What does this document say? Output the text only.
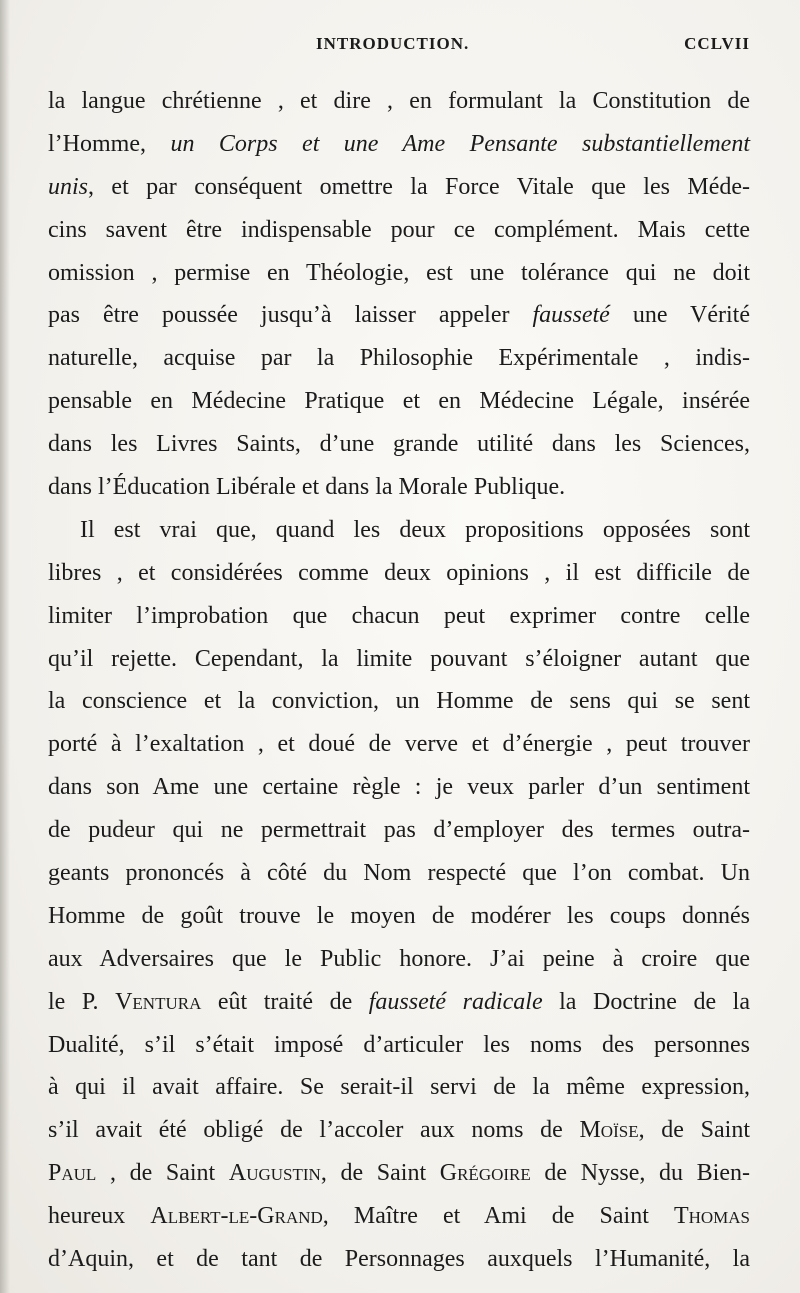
INTRODUCTION.	CCLVII
la langue chrétienne , et dire , en formulant la Constitution de
l’Homme, un Corps et une Ame Pensante substantiellement
unis, et par conséquent omettre la Force Vitale que les Méde-
cins savent être indispensable pour ce complément. Mais cette
omission , permise en Théologie, est une tolérance qui ne doit
pas être poussée jusqu’à laisser appeler fausseté une Vérité
naturelle, acquise par la Philosophie Expérimentale , indis-
pensable en Médecine Pratique et en Médecine Légale, insérée
dans les Livres Saints, d’une grande utilité dans les Sciences,
dans l’Éducation Libérale et dans la Morale Publique.
Il est vrai que, quand les deux propositions opposées sont
libres , et considérées comme deux opinions , il est difficile de
limiter l’improbation que chacun peut exprimer contre celle
qu’il rejette. Cependant, la limite pouvant s’éloigner autant que
la conscience et la conviction, un Homme de sens qui se sent
porté à l’exaltation , et doué de verve et d’énergie , peut trouver
dans son Ame une certaine règle : je veux parler d’un sentiment
de pudeur qui ne permettrait pas d’employer des termes outra-
geants prononcés à côté du Nom respecté que l’on combat. Un
Homme de goût trouve le moyen de modérer les coups donnés
aux Adversaires que le Public honore. J’ai peine à croire que
le P. Ventura eût traité de fausseté radicale la Doctrine de la
Dualité, s’il s’était imposé d’articuler les noms des personnes
à qui il avait affaire. Se serait-il servi de la même expression,
s’il avait été obligé de l’accoler aux noms de Moïse, de Saint
Paul , de Saint Augustin, de Saint Grégoire de Nysse, du Bien-
heureux Albert-le-Grand, Maître et Ami de Saint Thomas
d’Aquin, et de tant de Personnages auxquels l’Humanité, la
